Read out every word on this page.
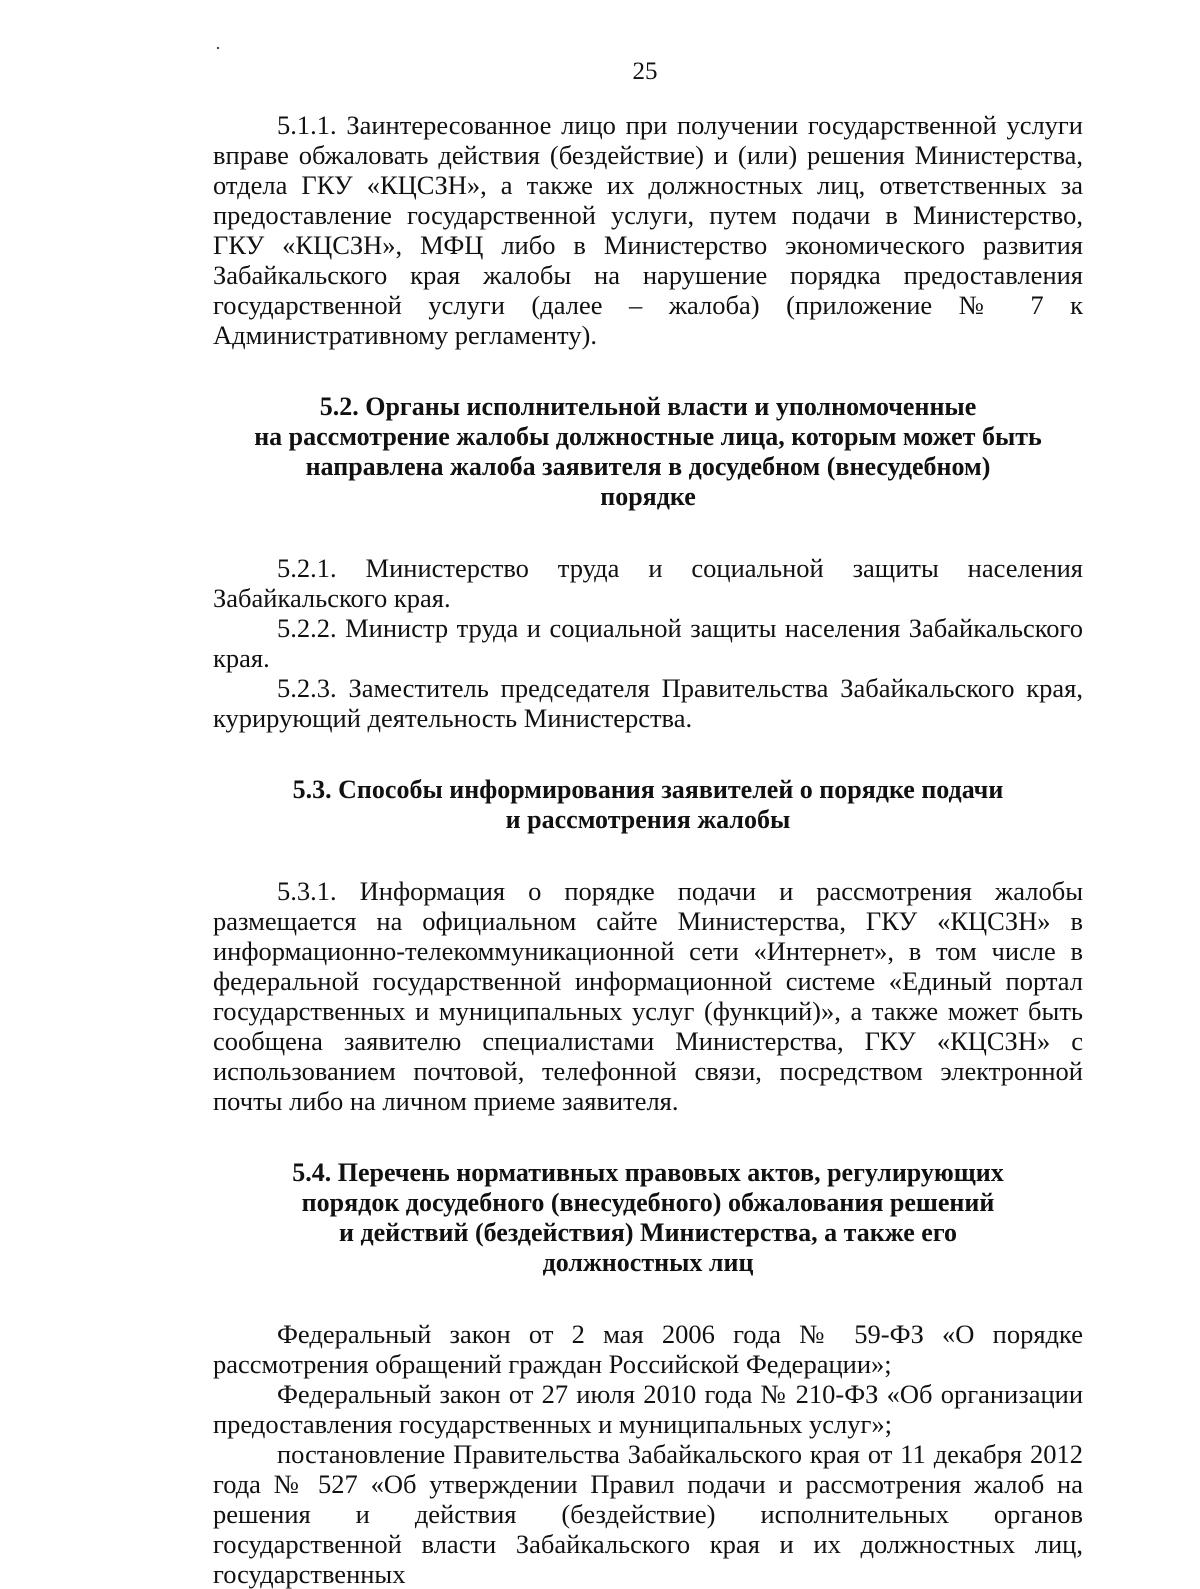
25

5.1.1. Заинтересованное лицо при получении государственной услуги вправе обжаловать действия (бездействие) и (или) решения Министерства, отдела ГКУ «КЦСЗН», а также их должностных лиц, ответственных за предоставление государственной услуги, путем подачи в Министерство, ГКУ «КЦСЗН», МФЦ либо в Министерство экономического развития Забайкальского края жалобы на нарушение порядка предоставления государственной услуги (далее – жалоба) (приложение № 7 к Административному регламенту).

5.2. Органы исполнительной власти и уполномоченные
на рассмотрение жалобы должностные лица, которым может быть
направлена жалоба заявителя в досудебном (внесудебном)
порядке

5.2.1. Министерство труда и социальной защиты населения Забайкальского края.

5.2.2. Министр труда и социальной защиты населения Забайкальского края.

5.2.3. Заместитель председателя Правительства Забайкальского края, курирующий деятельность Министерства.

5.3. Способы информирования заявителей о порядке подачи
и рассмотрения жалобы

5.3.1. Информация о порядке подачи и рассмотрения жалобы размещается на официальном сайте Министерства, ГКУ «КЦСЗН» в информационно-телекоммуникационной сети «Интернет», в том числе в федеральной государственной информационной системе «Единый портал государственных и муниципальных услуг (функций)», а также может быть сообщена заявителю специалистами Министерства, ГКУ «КЦСЗН» с использованием почтовой, телефонной связи, посредством электронной почты либо на личном приеме заявителя.

5.4. Перечень нормативных правовых актов, регулирующих
порядок досудебного (внесудебного) обжалования решений
и действий (бездействия) Министерства, а также его
должностных лиц

Федеральный закон от 2 мая 2006 года № 59-ФЗ «О порядке рассмотрения обращений граждан Российской Федерации»;

Федеральный закон от 27 июля 2010 года № 210-ФЗ «Об организации предоставления государственных и муниципальных услуг»;

постановление Правительства Забайкальского края от 11 декабря 2012 года № 527 «Об утверждении Правил подачи и рассмотрения жалоб на решения и действия (бездействие) исполнительных органов государственной власти Забайкальского края и их должностных лиц, государственных
